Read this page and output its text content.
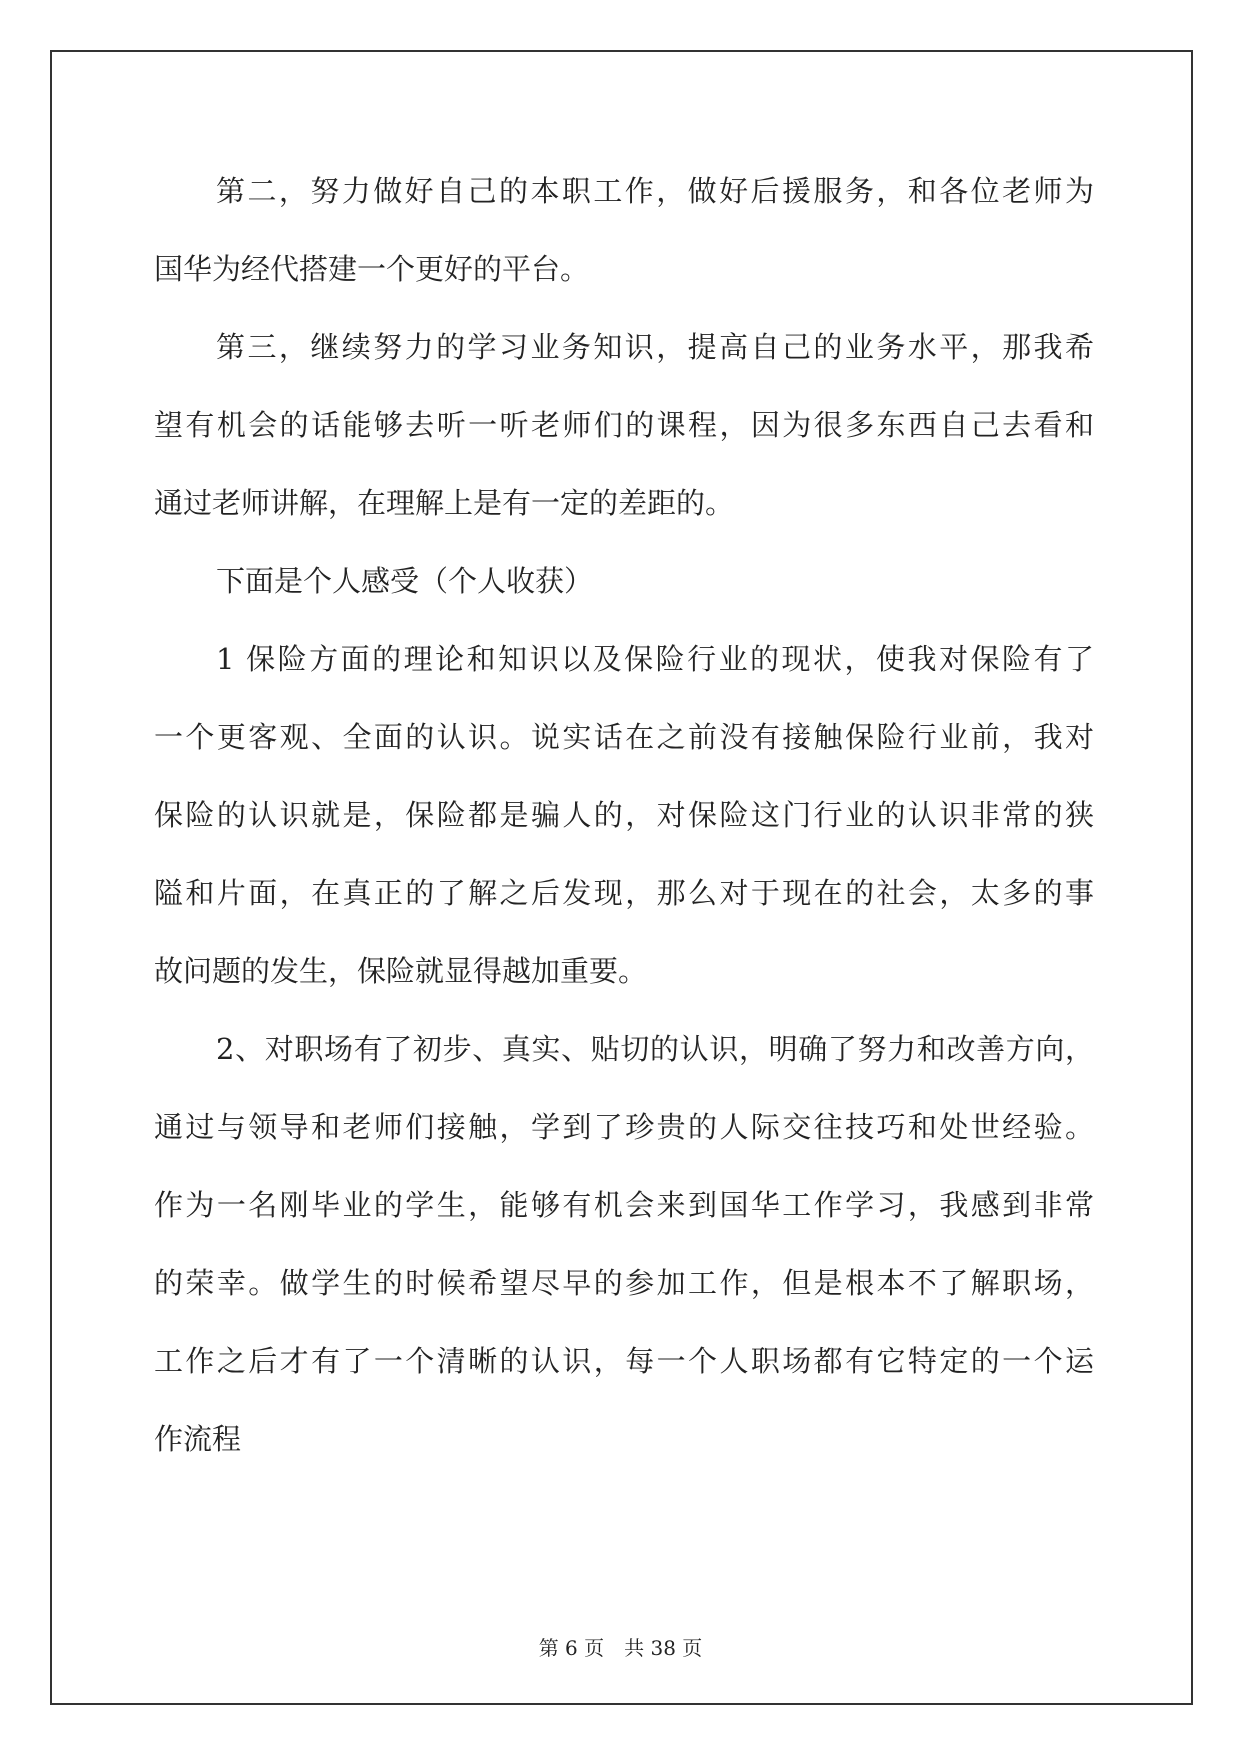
第二，努力做好自己的本职工作，做好后援服务，和各位老师为
国华为经代搭建一个更好的平台。
第三，继续努力的学习业务知识，提高自己的业务水平，那我希
望有机会的话能够去听一听老师们的课程，因为很多东西自己去看和
通过老师讲解，在理解上是有一定的差距的。
下面是个人感受（个人收获）
1 保险方面的理论和知识以及保险行业的现状，使我对保险有了
一个更客观、全面的认识。说实话在之前没有接触保险行业前，我对
保险的认识就是，保险都是骗人的，对保险这门行业的认识非常的狭
隘和片面，在真正的了解之后发现，那么对于现在的社会，太多的事
故问题的发生，保险就显得越加重要。
2、对职场有了初步、真实、贴切的认识，明确了努力和改善方向，
通过与领导和老师们接触，学到了珍贵的人际交往技巧和处世经验。
作为一名刚毕业的学生，能够有机会来到国华工作学习，我感到非常
的荣幸。做学生的时候希望尽早的参加工作，但是根本不了解职场，
工作之后才有了一个清晰的认识，每一个人职场都有它特定的一个运
作流程
第 6 页　共 38 页
